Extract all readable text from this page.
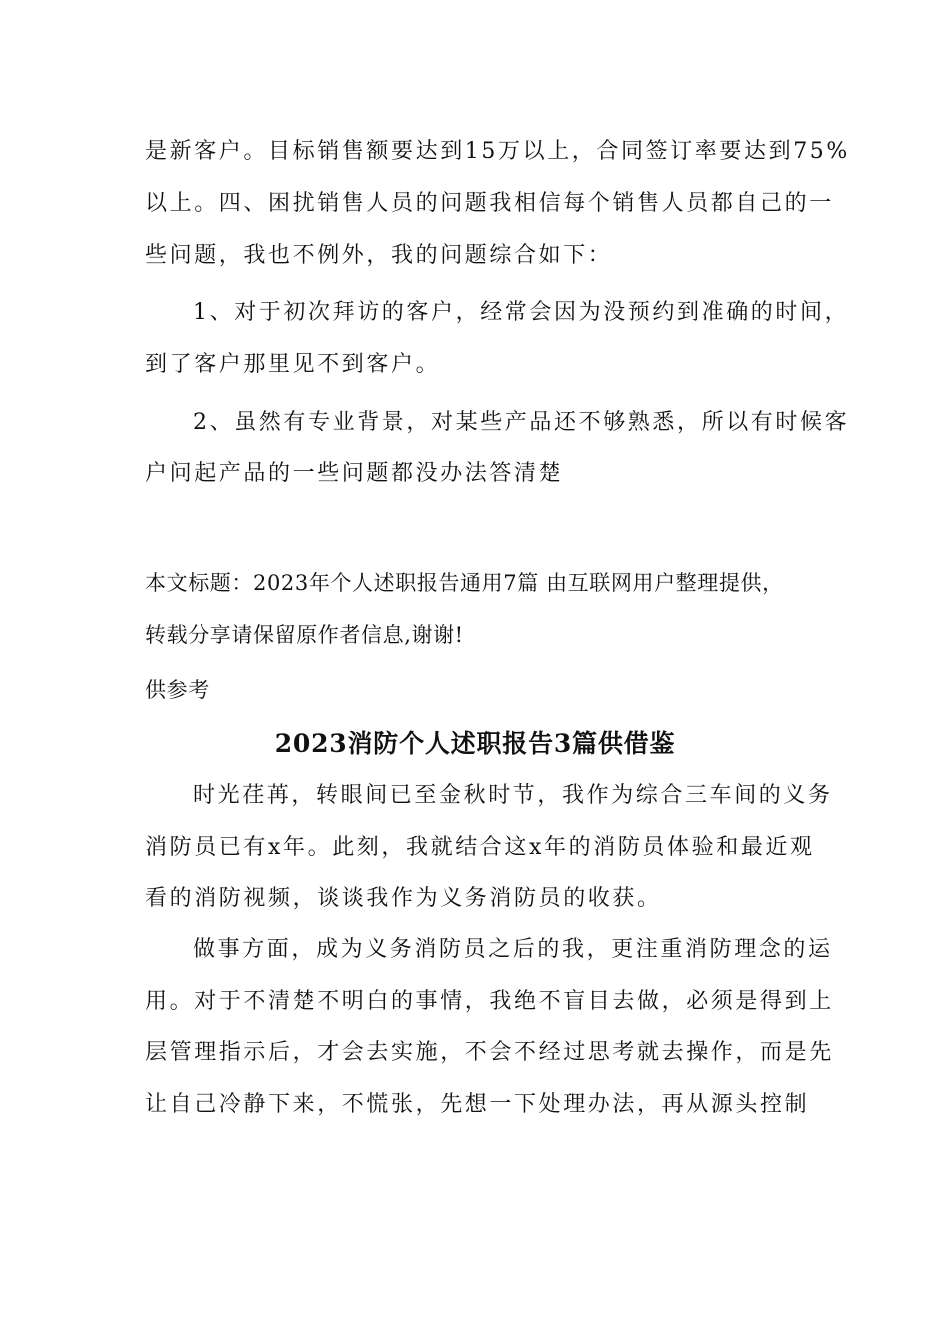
是新客户。目标销售额要达到15万以上，合同签订率要达到75%
以上。四、困扰销售人员的问题我相信每个销售人员都自己的一
些问题，我也不例外，我的问题综合如下：
1、对于初次拜访的客户，经常会因为没预约到准确的时间，
到了客户那里见不到客户。
2、虽然有专业背景，对某些产品还不够熟悉，所以有时候客
户问起产品的一些问题都没办法答清楚
本文标题：2023年个人述职报告通用7篇 由互联网用户整理提供，
转载分享请保留原作者信息,谢谢!
供参考
2023消防个人述职报告3篇供借鉴
时光荏苒，转眼间已至金秋时节，我作为综合三车间的义务
消防员已有x年。此刻，我就结合这x年的消防员体验和最近观
看的消防视频，谈谈我作为义务消防员的收获。
做事方面，成为义务消防员之后的我，更注重消防理念的运
用。对于不清楚不明白的事情，我绝不盲目去做，必须是得到上
层管理指示后，才会去实施，不会不经过思考就去操作，而是先
让自己冷静下来，不慌张，先想一下处理办法，再从源头控制
